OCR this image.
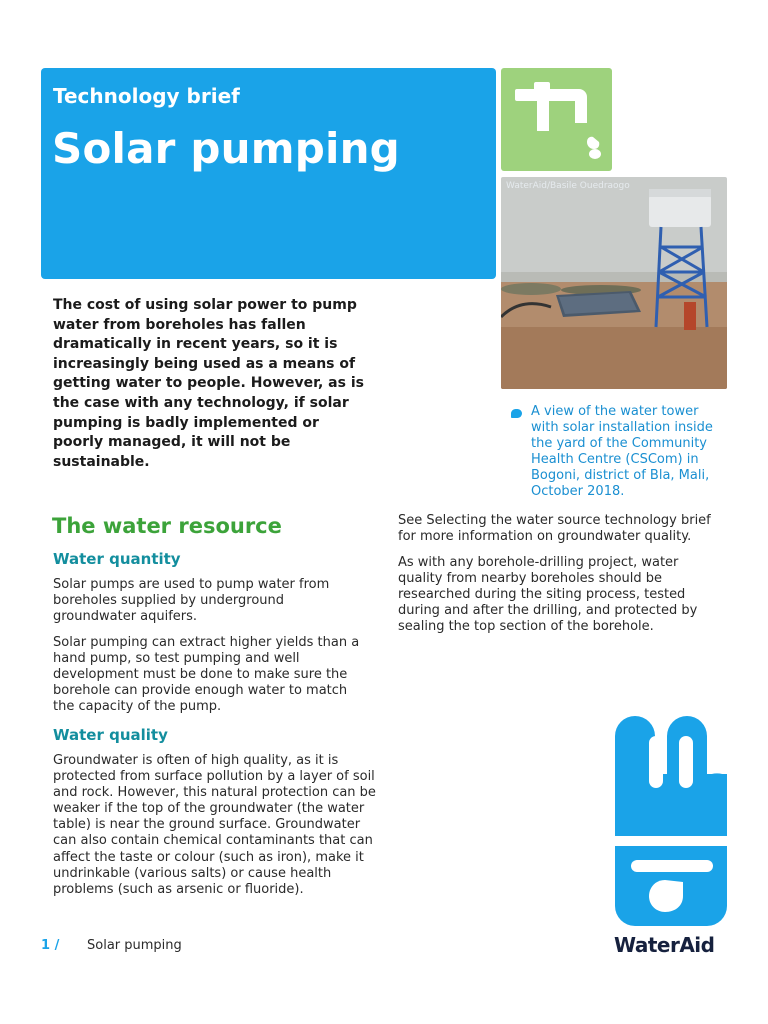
Technology brief
Solar pumping
WaterAid/Basile Ouedraogo
The cost of using solar power to pump water from boreholes has fallen dramatically in recent years, so it is increasingly being used as a means of getting water to people. However, as is the case with any technology, if solar pumping is badly implemented or poorly managed, it will not be sustainable.
A view of the water tower with solar installation inside the yard of the Community Health Centre (CSCom) in Bogoni, district of Bla, Mali, October 2018.
The water resource
Water quantity
Solar pumps are used to pump water from boreholes supplied by underground groundwater aquifers.
Solar pumping can extract higher yields than a hand pump, so test pumping and well development must be done to make sure the borehole can provide enough water to match the capacity of the pump.
Water quality
Groundwater is often of high quality, as it is protected from surface pollution by a layer of soil and rock. However, this natural protection can be weaker if the top of the groundwater (the water table) is near the ground surface. Groundwater can also contain chemical contaminants that can affect the taste or colour (such as iron), make it undrinkable (various salts) or cause health problems (such as arsenic or fluoride).
See Selecting the water source technology brief for more information on groundwater quality.
As with any borehole-drilling project, water quality from nearby boreholes should be researched during the siting process, tested during and after the drilling, and protected by sealing the top section of the borehole.
WaterAid
1 / Solar pumping
